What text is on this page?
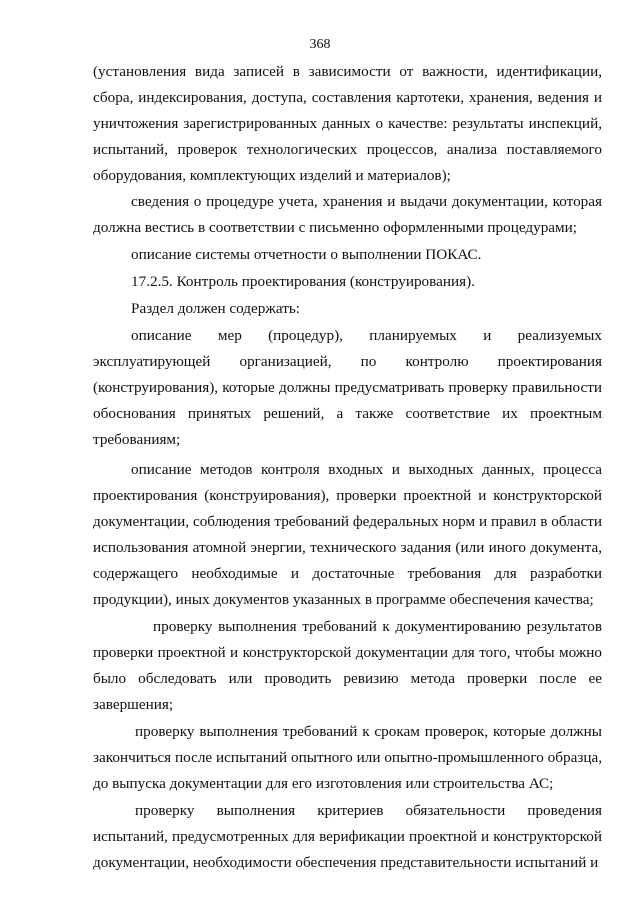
368

(установления вида записей в зависимости от важности, идентификации, сбора, индексирования, доступа, составления картотеки, хранения, ведения и уничтожения зарегистрированных данных о качестве: результаты инспекций, испытаний, проверок технологических процессов, анализа поставляемого оборудования, комплектующих изделий и материалов);

сведения о процедуре учета, хранения и выдачи документации, которая должна вестись в соответствии с письменно оформленными процедурами;

описание системы отчетности о выполнении ПОКАС.

17.2.5. Контроль проектирования (конструирования).

Раздел должен содержать:

описание мер (процедур), планируемых и реализуемых эксплуатирующей организацией, по контролю проектирования (конструирования), которые должны предусматривать проверку правильности обоснования принятых решений, а также соответствие их проектным требованиям;

описание методов контроля входных и выходных данных, процесса проектирования (конструирования), проверки проектной и конструкторской документации, соблюдения требований федеральных норм и правил в области использования атомной энергии, технического задания (или иного документа, содержащего необходимые и достаточные требования для разработки продукции), иных документов указанных в программе обеспечения качества;

проверку выполнения требований к документированию результатов проверки проектной и конструкторской документации для того, чтобы можно было обследовать или проводить ревизию метода проверки после ее завершения;

проверку выполнения требований к срокам проверок, которые должны закончиться после испытаний опытного или опытно-промышленного образца, до выпуска документации для его изготовления или строительства АС;

проверку выполнения критериев обязательности проведения испытаний, предусмотренных для верификации проектной и конструкторской документации, необходимости обеспечения представительности испытаний и
